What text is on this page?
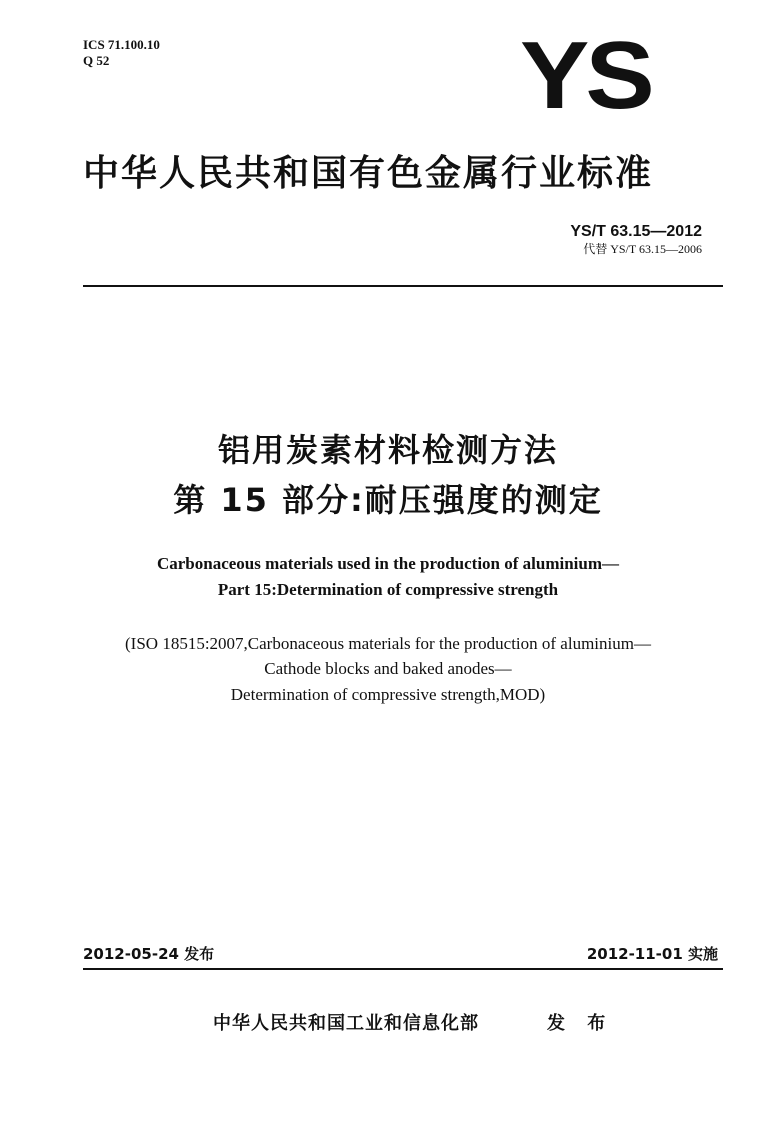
ICS 71.100.10
Q 52	YS
中华人民共和国有色金属行业标准
YS/T 63.15—2012
代替 YS/T 63.15—2006
铝用炭素材料检测方法
第 15 部分:耐压强度的测定
Carbonaceous materials used in the production of aluminium—
Part 15:Determination of compressive strength
(ISO 18515:2007,Carbonaceous materials for the production of aluminium—
Cathode blocks and baked anodes—
Determination of compressive strength,MOD)
2012-05-24 发布	2012-11-01 实施
中华人民共和国工业和信息化部	发 布
